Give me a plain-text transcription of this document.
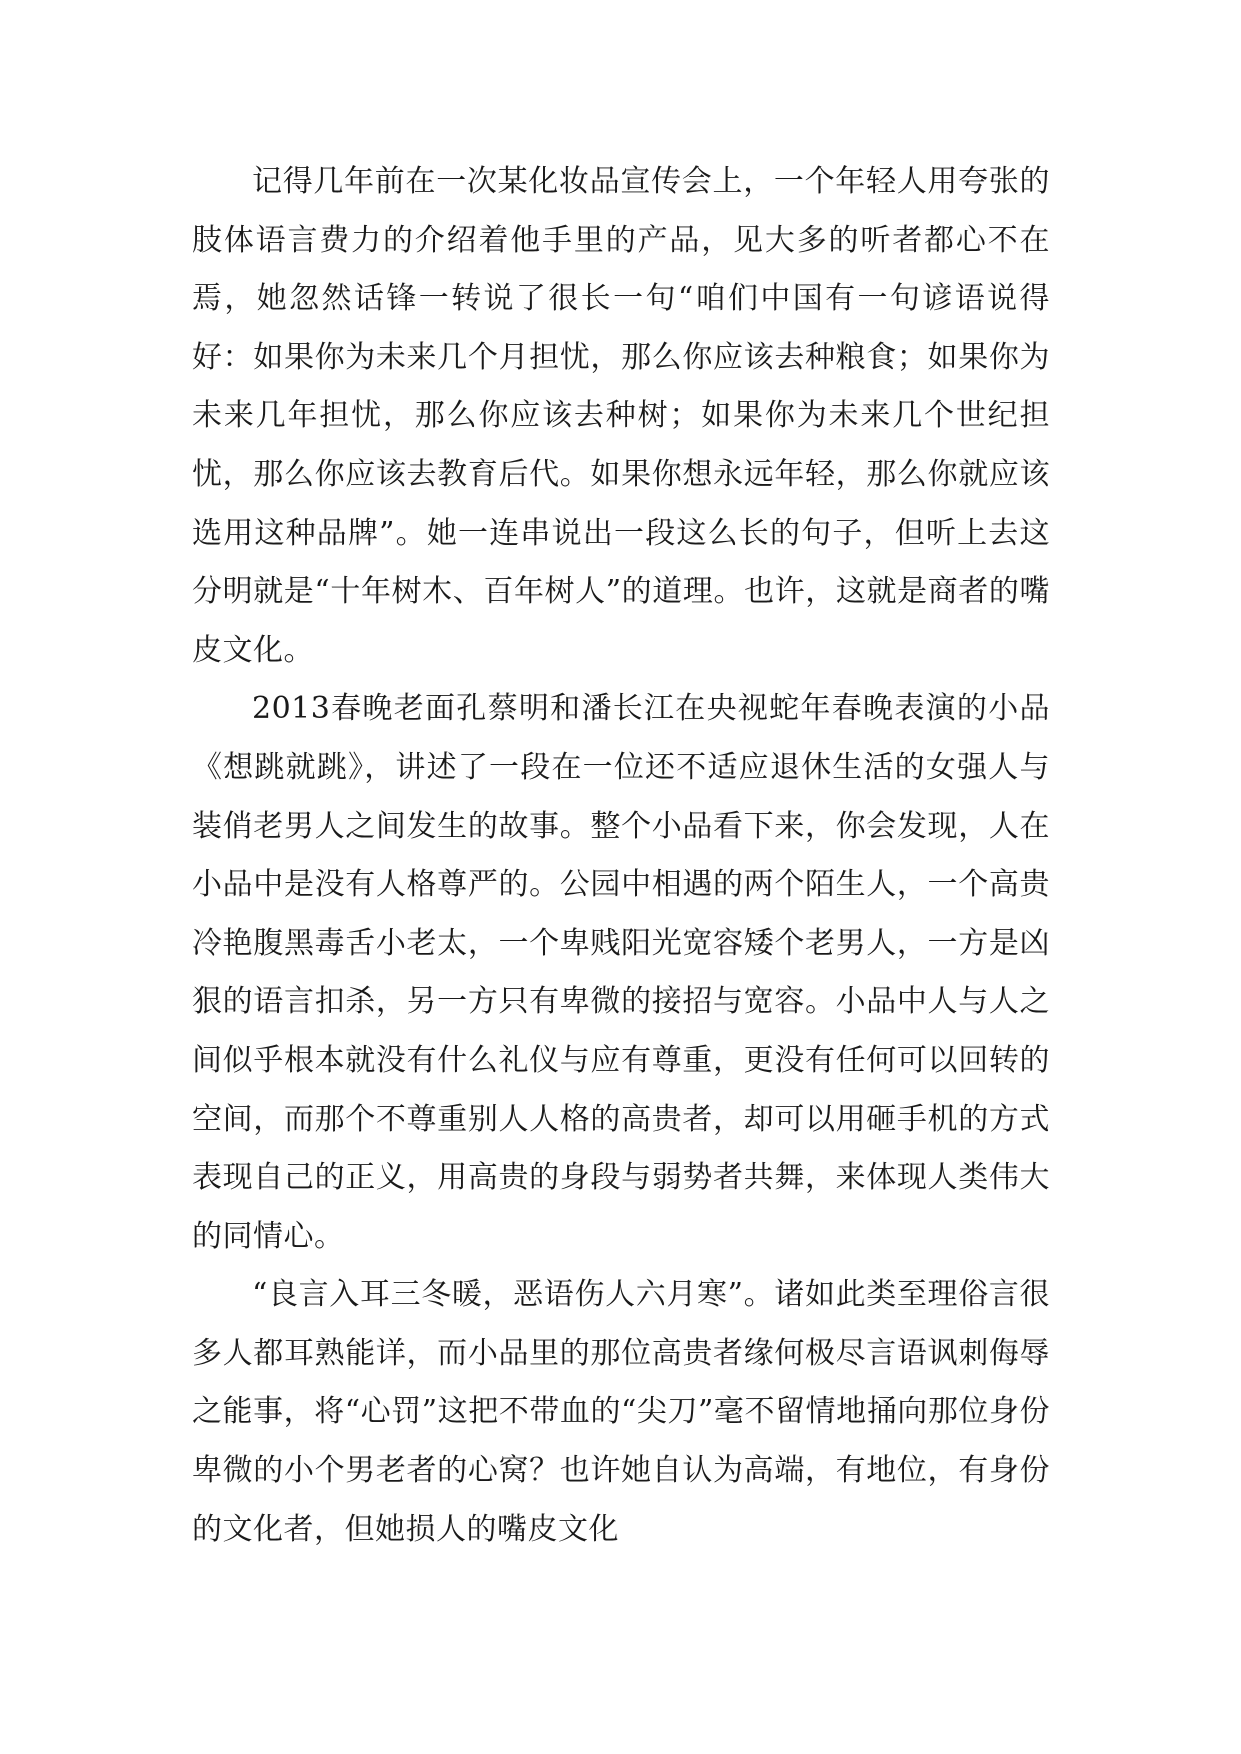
记得几年前在一次某化妆品宣传会上，一个年轻人用夸张的肢体语言费力的介绍着他手里的产品，见大多的听者都心不在焉，她忽然话锋一转说了很长一句“咱们中国有一句谚语说得好：如果你为未来几个月担忧，那么你应该去种粮食；如果你为未来几年担忧，那么你应该去种树；如果你为未来几个世纪担忧，那么你应该去教育后代。如果你想永远年轻，那么你就应该选用这种品牌”。她一连串说出一段这么长的句子，但听上去这分明就是“十年树木、百年树人”的道理。也许，这就是商者的嘴皮文化。

2013春晚老面孔蔡明和潘长江在央视蛇年春晚表演的小品《想跳就跳》，讲述了一段在一位还不适应退休生活的女强人与装俏老男人之间发生的故事。整个小品看下来，你会发现，人在小品中是没有人格尊严的。公园中相遇的两个陌生人，一个高贵冷艳腹黑毒舌小老太，一个卑贱阳光宽容矮个老男人，一方是凶狠的语言扣杀，另一方只有卑微的接招与宽容。小品中人与人之间似乎根本就没有什么礼仪与应有尊重，更没有任何可以回转的空间，而那个不尊重别人人格的高贵者，却可以用砸手机的方式表现自己的正义，用高贵的身段与弱势者共舞，来体现人类伟大的同情心。

“良言入耳三冬暖，恶语伤人六月寒”。诸如此类至理俗言很多人都耳熟能详，而小品里的那位高贵者缘何极尽言语讽刺侮辱之能事，将“心罚”这把不带血的“尖刀”毫不留情地捅向那位身份卑微的小个男老者的心窝？也许她自认为高端，有地位，有身份的文化者，但她损人的嘴皮文化
